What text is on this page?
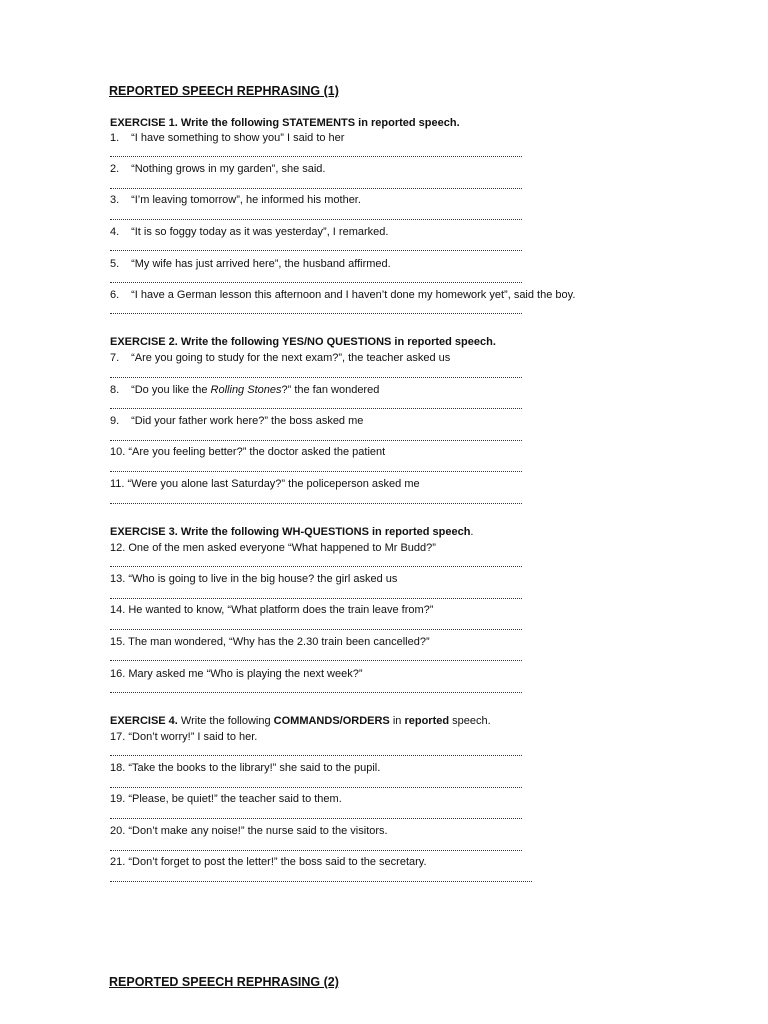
REPORTED SPEECH REPHRASING (1)
EXERCISE 1. Write the following STATEMENTS in reported speech.
1. “I have something to show you” I said to her
2. “Nothing grows in my garden”, she said.
3. “I’m leaving tomorrow”, he informed his mother.
4. “It is so foggy today as it was yesterday”, I remarked.
5. “My wife has just arrived here”, the husband affirmed.
6. “I have a German lesson this afternoon and I haven’t done my homework yet”, said the boy.
EXERCISE 2. Write the following YES/NO QUESTIONS in reported speech.
7. “Are you going to study for the next exam?”, the teacher asked us
8. “Do you like the Rolling Stones?” the fan wondered
9. “Did your father work here?” the boss asked me
10. “Are you feeling better?” the doctor asked the patient
11. “Were you alone last Saturday?” the policeperson asked me
EXERCISE 3. Write the following WH-QUESTIONS in reported speech.
12. One of the men asked everyone “What happened to Mr Budd?”
13. “Who is going to live in the big house? the girl asked us
14. He wanted to know, “What platform does the train leave from?”
15. The man wondered, “Why has the 2.30 train been cancelled?”
16. Mary asked me “Who is playing the next week?”
EXERCISE 4. Write the following COMMANDS/ORDERS in reported speech.
17. “Don’t worry!” I said to her.
18. “Take the books to the library!” she said to the pupil.
19. “Please, be quiet!” the teacher said to them.
20. “Don’t make any noise!” the nurse said to the visitors.
21. “Don’t forget to post the letter!” the boss said to the secretary.
REPORTED SPEECH REPHRASING (2)
